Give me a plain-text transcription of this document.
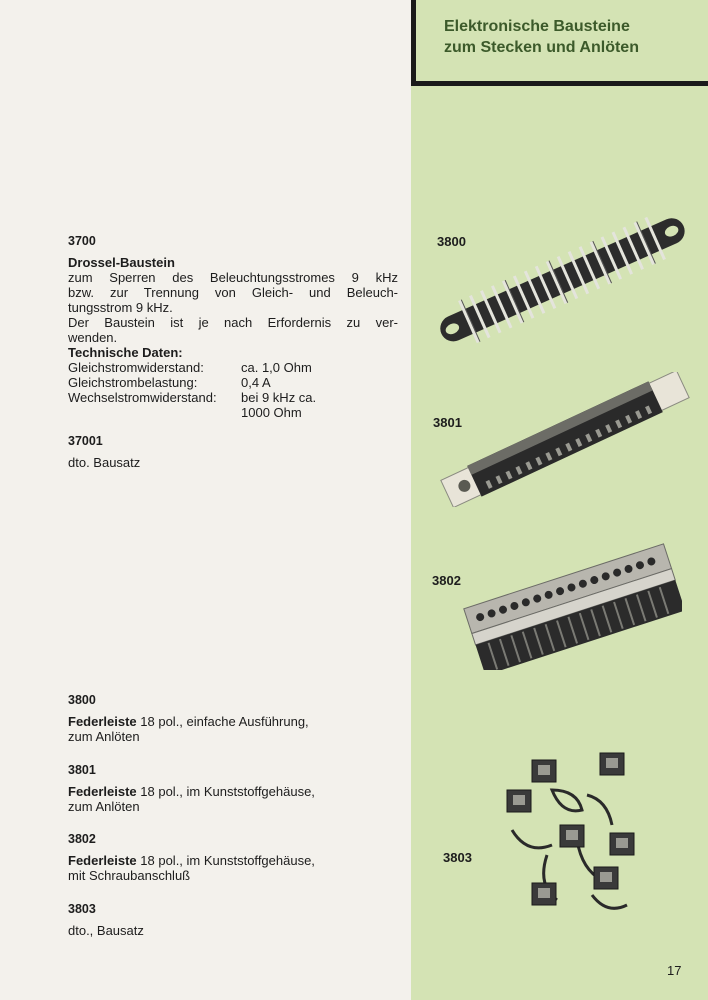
Elektronische Bausteine
zum Stecken und Anlöten
3700
Drossel-Baustein
zum Sperren des Beleuchtungsstromes 9 kHz
bzw. zur Trennung von Gleich- und Beleuch-
tungsstrom 9 kHz.
Der Baustein ist je nach Erfordernis zu ver-
wenden.
Technische Daten:
Gleichstromwiderstand:	ca. 1,0 Ohm
Gleichstrombelastung:	0,4 A
Wechselstromwiderstand:	bei 9 kHz ca.
1000 Ohm
37001
dto. Bausatz
3800
Federleiste 18 pol., einfache Ausführung,
zum Anlöten
3801
Federleiste 18 pol., im Kunststoffgehäuse,
zum Anlöten
3802
Federleiste 18 pol., im Kunststoffgehäuse,
mit Schraubanschluß
3803
dto., Bausatz
3800
3801
3802
3803
17
